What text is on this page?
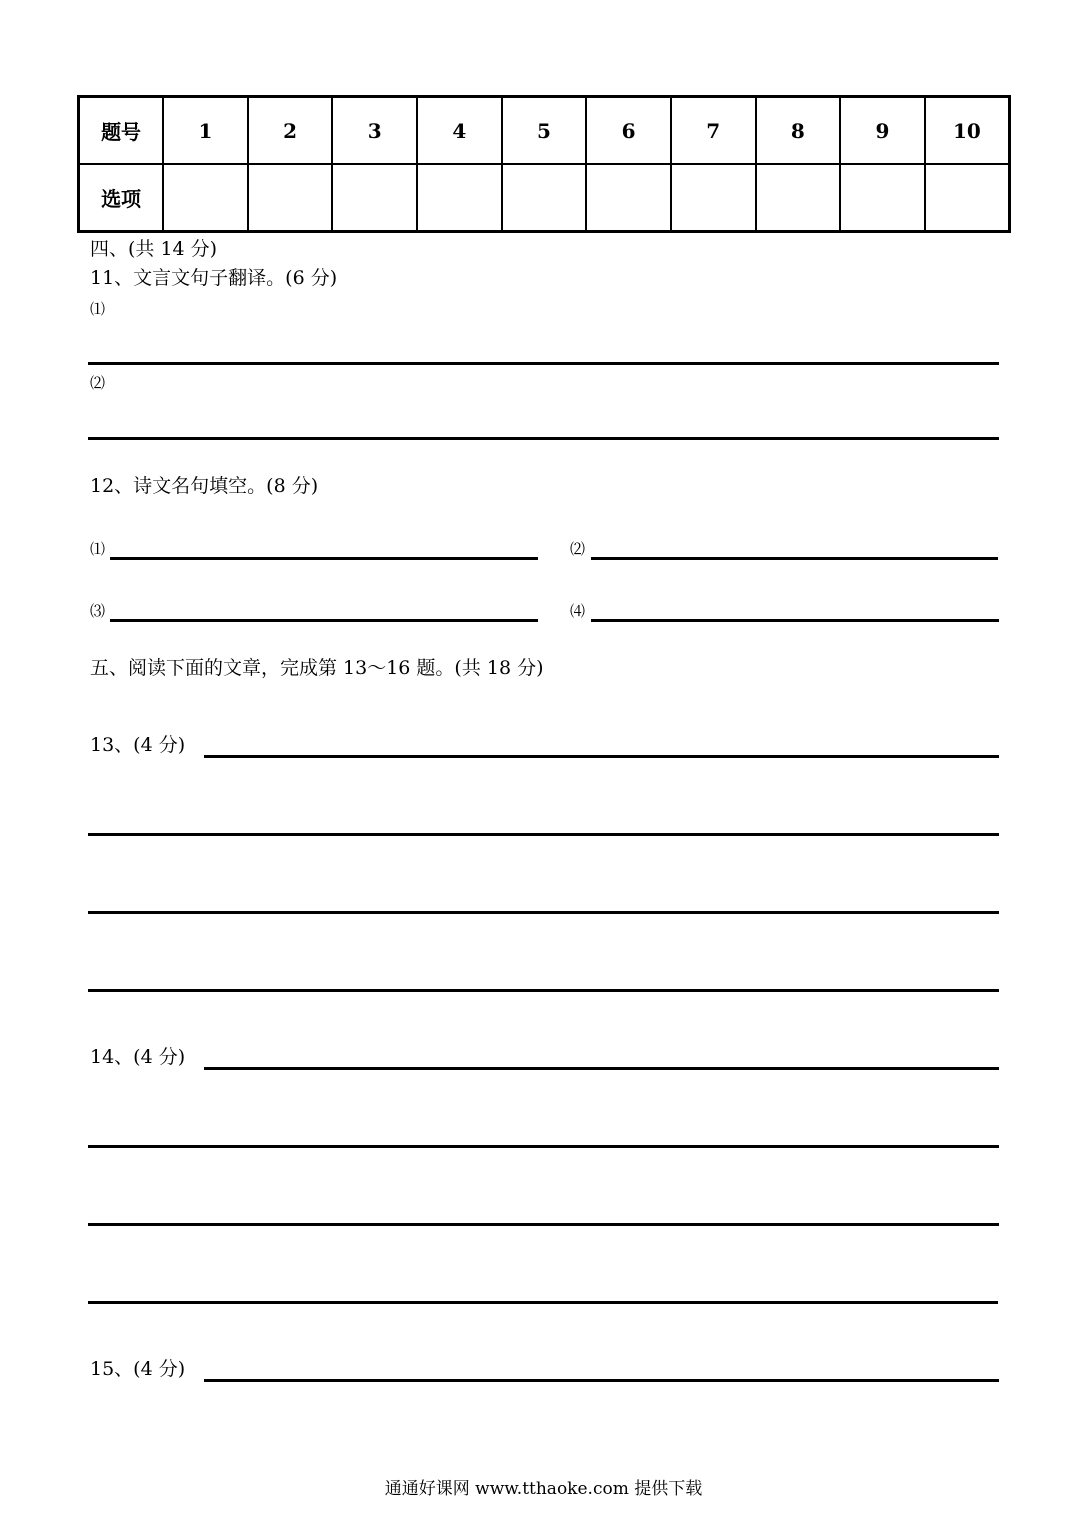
题号	1	2	3	4	5	6	7	8	9	10
选项										
四、(共 14 分)
11、文言文句子翻译。(6 分)
⑴
⑵
12、诗文名句填空。(8 分)
⑴	⑵
⑶	⑷
五、阅读下面的文章，完成第 13～16 题。(共 18 分)
13、(4 分)
14、(4 分)
15、(4 分)
通通好课网 www.tthaoke.com 提供下载
